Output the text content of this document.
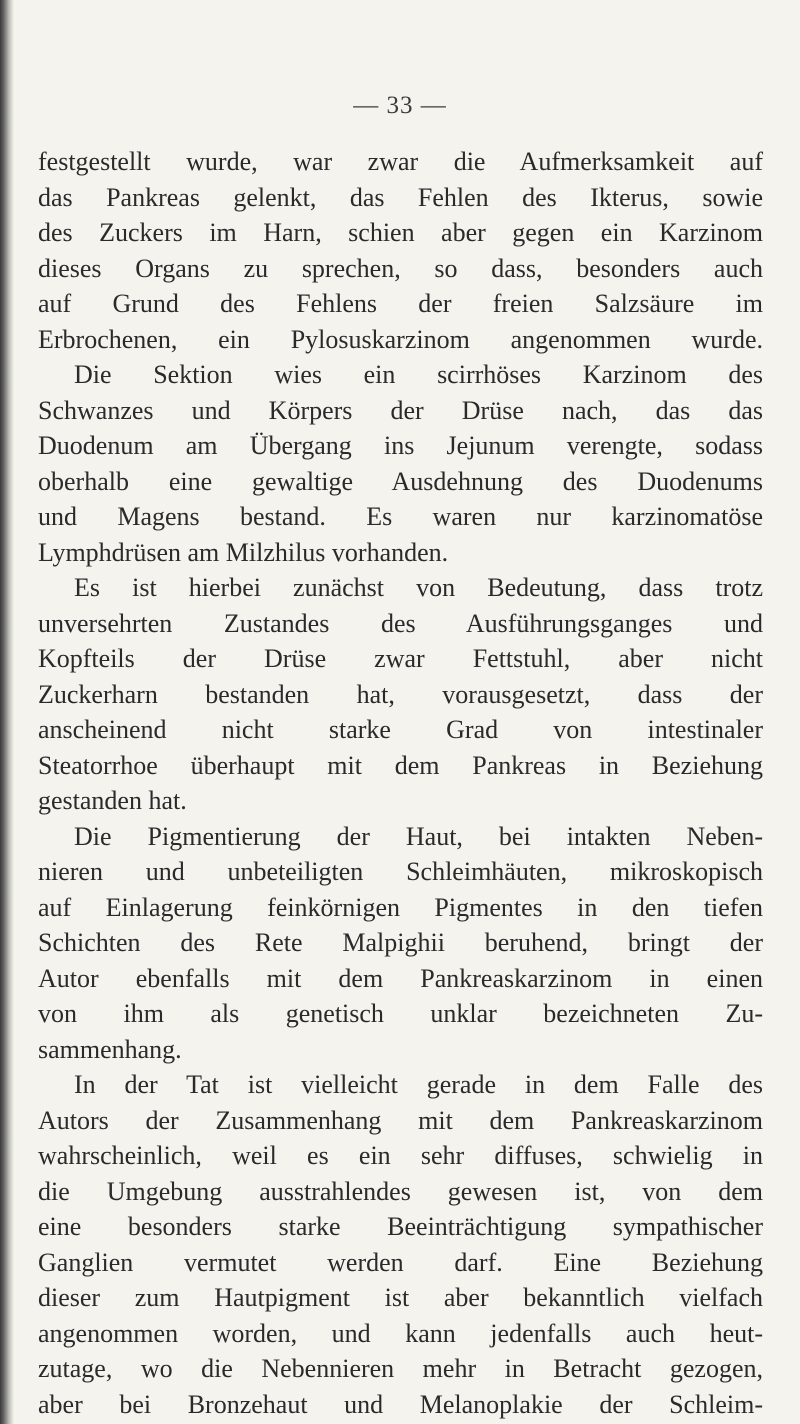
— 33 —
festgestellt wurde, war zwar die Aufmerksamkeit auf
das Pankreas gelenkt, das Fehlen des Ikterus, sowie
des Zuckers im Harn, schien aber gegen ein Karzinom
dieses Organs zu sprechen, so dass, besonders auch
auf Grund des Fehlens der freien Salzsäure im
Erbrochenen, ein Pylosuskarzinom angenommen wurde.
Die Sektion wies ein scirrhöses Karzinom des
Schwanzes und Körpers der Drüse nach, das das
Duodenum am Übergang ins Jejunum verengte, sodass
oberhalb eine gewaltige Ausdehnung des Duodenums
und Magens bestand. Es waren nur karzinomatöse
Lymphdrüsen am Milzhilus vorhanden.
Es ist hierbei zunächst von Bedeutung, dass trotz
unversehrten Zustandes des Ausführungsganges und
Kopfteils der Drüse zwar Fettstuhl, aber nicht
Zuckerharn bestanden hat, vorausgesetzt, dass der
anscheinend nicht starke Grad von intestinaler
Steatorrhoe überhaupt mit dem Pankreas in Beziehung
gestanden hat.
Die Pigmentierung der Haut, bei intakten Neben-
nieren und unbeteiligten Schleimhäuten, mikroskopisch
auf Einlagerung feinkörnigen Pigmentes in den tiefen
Schichten des Rete Malpighii beruhend, bringt der
Autor ebenfalls mit dem Pankreaskarzinom in einen
von ihm als genetisch unklar bezeichneten Zu-
sammenhang.
In der Tat ist vielleicht gerade in dem Falle des
Autors der Zusammenhang mit dem Pankreaskarzinom
wahrscheinlich, weil es ein sehr diffuses, schwielig in
die Umgebung ausstrahlendes gewesen ist, von dem
eine besonders starke Beeinträchtigung sympathischer
Ganglien vermutet werden darf. Eine Beziehung
dieser zum Hautpigment ist aber bekanntlich vielfach
angenommen worden, und kann jedenfalls auch heut-
zutage, wo die Nebennieren mehr in Betracht gezogen,
aber bei Bronzehaut und Melanoplakie der Schleim-
